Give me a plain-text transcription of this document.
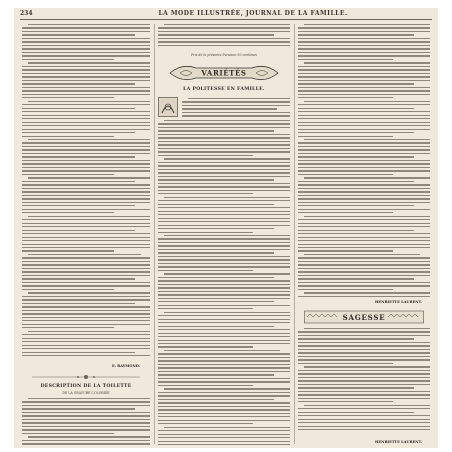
234	LA MODE ILLUSTRÉE, JOURNAL DE LA FAMILLE.
E. RAYMOND.
DESCRIPTION DE LA TOILETTE
DE LA GRAVURE COLORIÉE
Prix de la présente livraison 50 centimes
VARIÉTÉS
LA POLITESSE EN FAMILLE.
HENRIETTE LAURENT.
SAGESSE
HENRIETTE LAURENT.
